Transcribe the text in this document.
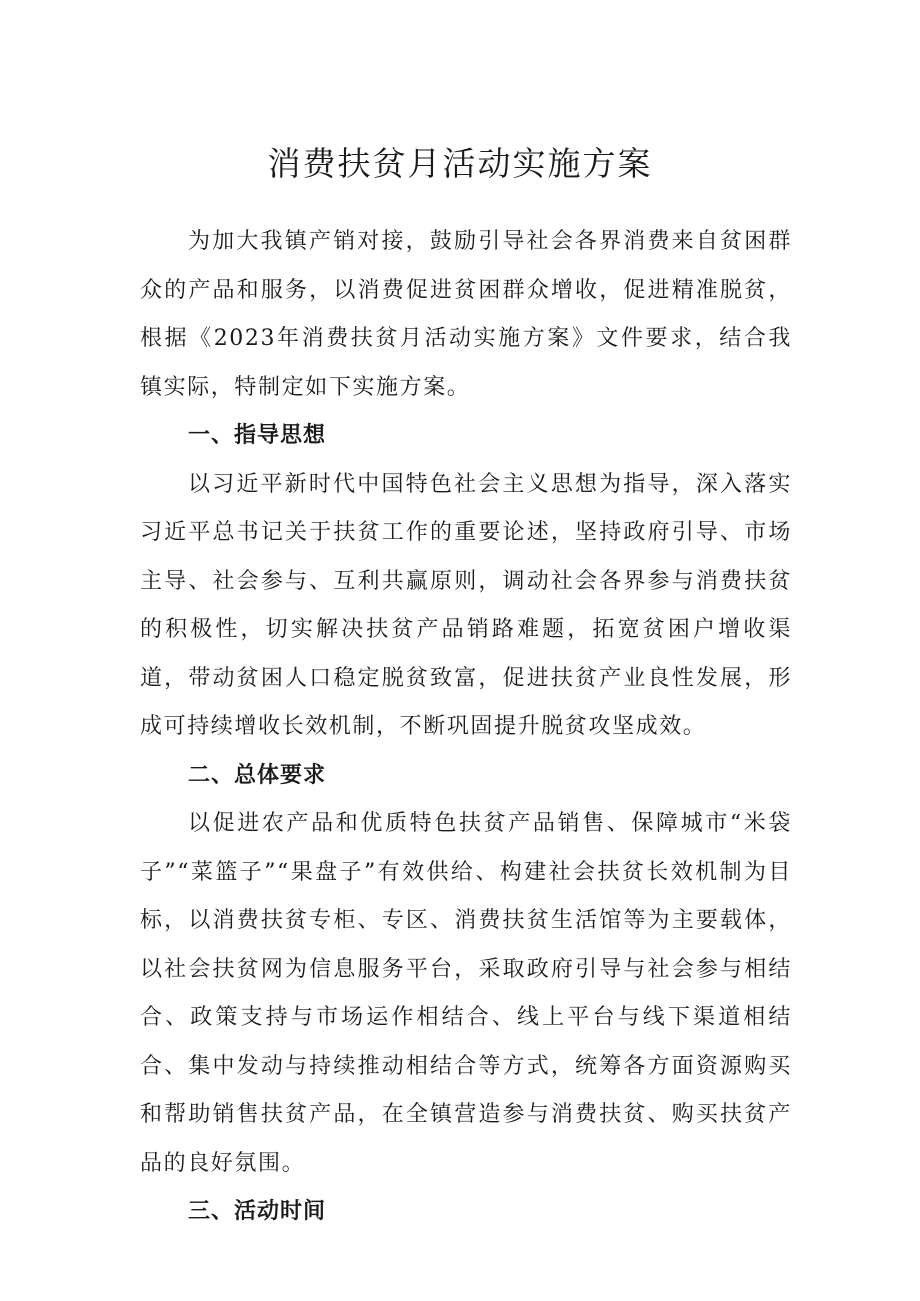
消费扶贫月活动实施方案

为加大我镇产销对接，鼓励引导社会各界消费来自贫困群众的产品和服务，以消费促进贫困群众增收，促进精准脱贫，根据《2023年消费扶贫月活动实施方案》文件要求，结合我镇实际，特制定如下实施方案。

一、指导思想

以习近平新时代中国特色社会主义思想为指导，深入落实习近平总书记关于扶贫工作的重要论述，坚持政府引导、市场主导、社会参与、互利共赢原则，调动社会各界参与消费扶贫的积极性，切实解决扶贫产品销路难题，拓宽贫困户增收渠道，带动贫困人口稳定脱贫致富，促进扶贫产业良性发展，形成可持续增收长效机制，不断巩固提升脱贫攻坚成效。

二、总体要求

以促进农产品和优质特色扶贫产品销售、保障城市“米袋子”“菜篮子”“果盘子”有效供给、构建社会扶贫长效机制为目标，以消费扶贫专柜、专区、消费扶贫生活馆等为主要载体，以社会扶贫网为信息服务平台，采取政府引导与社会参与相结合、政策支持与市场运作相结合、线上平台与线下渠道相结合、集中发动与持续推动相结合等方式，统筹各方面资源购买和帮助销售扶贫产品，在全镇营造参与消费扶贫、购买扶贫产品的良好氛围。

三、活动时间
